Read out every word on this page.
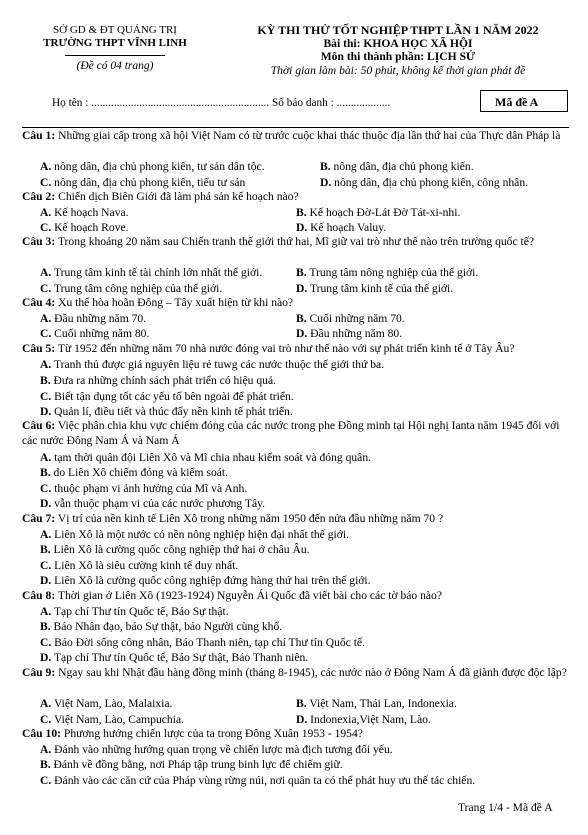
SỞ GD & ĐT QUẢNG TRỊ
TRƯỜNG THPT VĨNH LINH
(Đề có 04 trang)
KỲ THI THỬ TỐT NGHIỆP THPT LẦN 1 NĂM 2022
Bài thi: KHOA HỌC XÃ HỘI
Môn thi thành phần: LỊCH SỬ
Thời gian làm bài: 50 phút, không kể thời gian phát đề
Họ tên : ............................................................... Số báo danh : ...................	Mã đề A
Câu 1: Những giai cấp trong xã hội Việt Nam có từ trước cuộc khai thác thuộc địa lần thứ hai của Thực dân Pháp là
A. nông dân, địa chủ phong kiến, tư sản dân tộc.	B. nông dân, địa chủ phong kiến.
C. nông dân, địa chủ phong kiến, tiểu tư sản	D. nông dân, địa chủ phong kiến, công nhân.
Câu 2: Chiến dịch Biên Giới đã làm phá sản kế hoạch nào?
A. Kế hoạch Nava.	B. Kế hoạch Đờ-Lát Đờ Tát-xi-nhi.
C. Kế hoạch Rove.	D. Kế hoạch Valuy.
Câu 3: Trong khoảng 20 năm sau Chiến tranh thế giới thứ hai, Mĩ giữ vai trò như thế nào trên trường quốc tế?
A. Trung tâm kinh tế tài chính lớn nhất thế giới.	B. Trung tâm nông nghiệp của thế giới.
C. Trung tâm công nghiệp của thế giới.	D. Trung tâm kinh tế của thế giới.
Câu 4: Xu thế hòa hoãn Đông – Tây xuất hiện từ khi nào?
A. Đầu những năm 70.	B. Cuối những năm 70.
C. Cuối những năm 80.	D. Đầu những năm 80.
Câu 5: Từ 1952 đến những năm 70 nhà nước đóng vai trò như thế nào với sự phát triển kinh tế ở Tây Âu?
A. Tranh thủ được giá nguyên liệu rẻ tuwg các nước thuộc thế giới thứ ba.
B. Đưa ra những chính sách phát triển có hiệu quả.
C. Biết tận dụng tốt các yếu tố bên ngoài để phát triển.
D. Quản lí, điều tiết và thúc đẩy nền kinh tế phát triển.
Câu 6: Việc phân chia khu vực chiếm đóng của các nước trong phe Đồng minh tại Hội nghị Ianta năm 1945 đối với các nước Đông Nam Á và Nam Á
A. tạm thời quân đội Liên Xô và Mĩ chia nhau kiểm soát và đóng quân.
B. do Liên Xô chiếm đóng và kiểm soát.
C. thuộc phạm vi ảnh hưởng của Mĩ và Anh.
D. vẫn thuộc phạm vi của các nước phương Tây.
Câu 7: Vị trí của nền kinh tế Liên Xô trong những năm 1950 đến nửa đầu những năm 70 ?
A. Liên Xô là một nước có nền nông nghiệp hiện đại nhất thế giới.
B. Liên Xô là cường quốc công nghiệp thứ hai ở châu Âu.
C. Liên Xô là siêu cường kinh tế duy nhất.
D. Liên Xô là cường quốc công nghiệp đứng hàng thứ hai trên thế giới.
Câu 8: Thời gian ở Liên Xô (1923-1924) Nguyễn Ái Quốc đã viết bài cho các tờ báo nào?
A. Tạp chí Thư tín Quốc tế, Báo Sự thật.
B. Báo Nhân đạo, báo Sự thật, báo Người cùng khổ.
C. Báo Đời sống công nhân, Báo Thanh niên, tạp chí Thư tín Quốc tế.
D. Tạp chí Thư tín Quốc tế, Báo Sự thật, Báo Thanh niên.
Câu 9: Ngay sau khi Nhật đầu hàng đồng minh (tháng 8-1945), các nước nào ở Đông Nam Á đã giành được độc lập?
A. Việt Nam, Lào, Malaixia.	B. Việt Nam, Thái Lan, Indonexia.
C. Việt Nam, Lào, Campuchia.	D. Indonexia,Việt Nam, Lào.
Câu 10: Phương hướng chiến lược của ta trong Đông Xuân 1953 - 1954?
A. Đánh vào những hướng quan trọng về chiến lược mà địch tương đối yếu.
B. Đánh về đồng bằng, nơi Pháp tập trung binh lực để chiếm giữ.
C. Đánh vào các căn cứ của Pháp vùng rừng núi, nơi quân ta có thể phát huy ưu thế tác chiến.
Trang 1/4 - Mã đề A
